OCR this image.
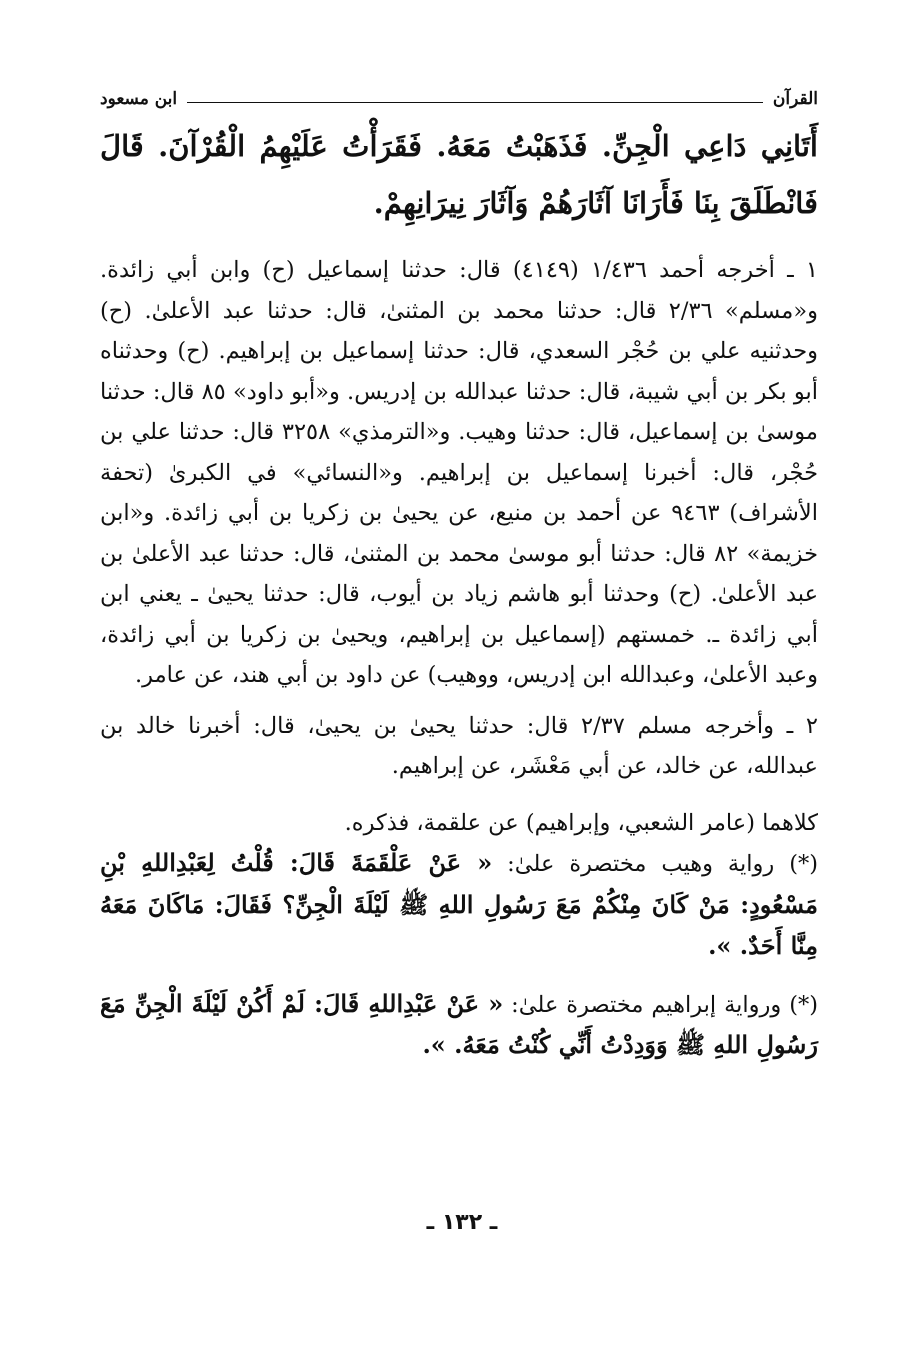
القرآن
ابن مسعود

أَتَانِي دَاعِي الْجِنِّ. فَذَهَبْتُ مَعَهُ. فَقَرَأْتُ عَلَيْهِمُ الْقُرْآنَ. قَالَ فَانْطَلَقَ بِنَا فَأَرَانَا آثَارَهُمْ وَآثَارَ نِيرَانِهِمْ.

١ ـ أخرجه أحمد ١/٤٣٦ (٤١٤٩) قال: حدثنا إسماعيل (ح) وابن أبي زائدة. و«مسلم» ٢/٣٦ قال: حدثنا محمد بن المثنىٰ، قال: حدثنا عبد الأعلىٰ. (ح) وحدثنيه علي بن حُجْر السعدي، قال: حدثنا إسماعيل بن إبراهيم. (ح) وحدثناه أبو بكر بن أبي شيبة، قال: حدثنا عبدالله بن إدريس. و«أبو داود» ٨٥ قال: حدثنا موسىٰ بن إسماعيل، قال: حدثنا وهيب. و«الترمذي» ٣٢٥٨ قال: حدثنا علي بن حُجْر، قال: أخبرنا إسماعيل بن إبراهيم. و«النسائي» في الكبرىٰ (تحفة الأشراف) ٩٤٦٣ عن أحمد بن منيع، عن يحيىٰ بن زكريا بن أبي زائدة. و«ابن خزيمة» ٨٢ قال: حدثنا أبو موسىٰ محمد بن المثنىٰ، قال: حدثنا عبد الأعلىٰ بن عبد الأعلىٰ. (ح) وحدثنا أبو هاشم زياد بن أيوب، قال: حدثنا يحيىٰ ـ يعني ابن أبي زائدة ـ. خمستهم (إسماعيل بن إبراهيم، ويحيىٰ بن زكريا بن أبي زائدة، وعبد الأعلىٰ، وعبدالله ابن إدريس، ووهيب) عن داود بن أبي هند، عن عامر.

٢ ـ وأخرجه مسلم ٢/٣٧ قال: حدثنا يحيىٰ بن يحيىٰ، قال: أخبرنا خالد بن عبدالله، عن خالد، عن أبي مَعْشَر، عن إبراهيم.

كلاهما (عامر الشعبي، وإبراهيم) عن علقمة، فذكره.

(*) رواية وهيب مختصرة علىٰ: « عَنْ عَلْقَمَةَ قَالَ: قُلْتُ لِعَبْدِاللهِ بْنِ مَسْعُودٍ: مَنْ كَانَ مِنْكُمْ مَعَ رَسُولِ اللهِ ﷺ لَيْلَةَ الْجِنِّ؟ فَقَالَ: مَاكَانَ مَعَهُ مِنَّا أَحَدٌ. ».

(*) ورواية إبراهيم مختصرة علىٰ: « عَنْ عَبْدِاللهِ قَالَ: لَمْ أَكُنْ لَيْلَةَ الْجِنِّ مَعَ رَسُولِ اللهِ ﷺ وَوَدِدْتُ أَنِّي كُنْتُ مَعَهُ. ».

ـ ١٣٢ ـ
